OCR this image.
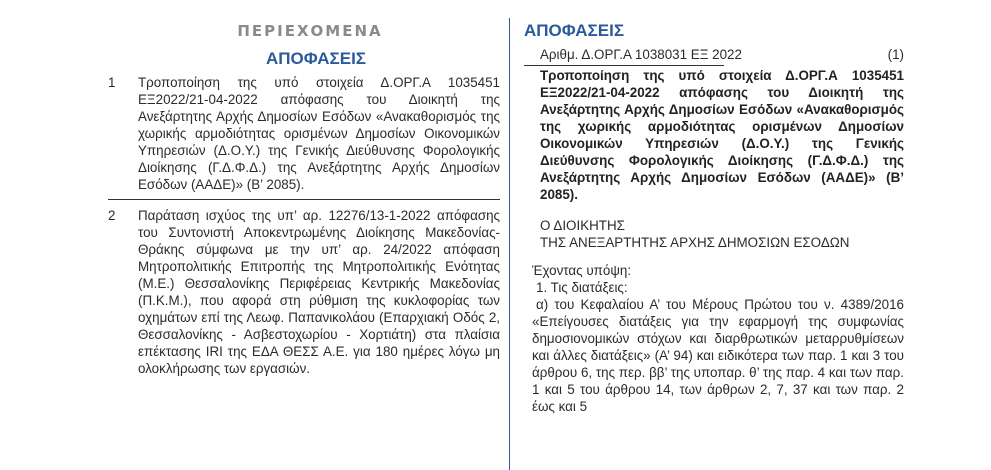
ΠΕΡΙΕΧΟΜΕΝΑ
ΑΠΟΦΑΣΕΙΣ
1 Τροποποίηση της υπό στοιχεία Δ.ΟΡΓ.Α 1035451 ΕΞ2022/21-04-2022 απόφασης του Διοικητή της Ανεξάρτητης Αρχής Δημοσίων Εσόδων «Ανακαθορισμός της χωρικής αρμοδιότητας ορισμένων Δημοσίων Οικονομικών Υπηρεσιών (Δ.Ο.Υ.) της Γενικής Διεύθυνσης Φορολογικής Διοίκησης (Γ.Δ.Φ.Δ.) της Ανεξάρτητης Αρχής Δημοσίων Εσόδων (ΑΑΔΕ)» (Β’ 2085).
2 Παράταση ισχύος της υπ’ αρ. 12276/13-1-2022 απόφασης του Συντονιστή Αποκεντρωμένης Διοίκησης Μακεδονίας-Θράκης σύμφωνα με την υπ’ αρ. 24/2022 απόφαση Μητροπολιτικής Επιτροπής της Μητροπολιτικής Ενότητας (Μ.Ε.) Θεσσαλονίκης Περιφέρειας Κεντρικής Μακεδονίας (Π.Κ.Μ.), που αφορά στη ρύθμιση της κυκλοφορίας των οχημάτων επί της Λεωφ. Παπανικολάου (Επαρχιακή Οδός 2, Θεσσαλονίκης - Ασβεστοχωρίου - Χορτιάτη) στα πλαίσια επέκτασης IRI της ΕΔΑ ΘΕΣΣ Α.Ε. για 180 ημέρες λόγω μη ολοκλήρωσης των εργασιών.
ΑΠΟΦΑΣΕΙΣ
Αριθμ. Δ.ΟΡΓ.Α 1038031 ΕΞ 2022	(1)

Τροποποίηση της υπό στοιχεία Δ.ΟΡΓ.Α 1035451 ΕΞ2022/21-04-2022 απόφασης του Διοικητή της Ανεξάρτητης Αρχής Δημοσίων Εσόδων «Ανακαθορισμός της χωρικής αρμοδιότητας ορισμένων Δημοσίων Οικονομικών Υπηρεσιών (Δ.Ο.Υ.) της Γενικής Διεύθυνσης Φορολογικής Διοίκησης (Γ.Δ.Φ.Δ.) της Ανεξάρτητης Αρχής Δημοσίων Εσόδων (ΑΑΔΕ)» (Β’ 2085).

Ο ΔΙΟΙΚΗΤΗΣ
ΤΗΣ ΑΝΕΞΑΡΤΗΤΗΣ ΑΡΧΗΣ ΔΗΜΟΣΙΩΝ ΕΣΟΔΩΝ

Έχοντας υπόψη:

1. Τις διατάξεις:

α) του Κεφαλαίου Α’ του Μέρους Πρώτου του ν. 4389/2016 «Επείγουσες διατάξεις για την εφαρμογή της συμφωνίας δημοσιονομικών στόχων και διαρθρωτικών μεταρρυθμίσεων και άλλες διατάξεις» (Α’ 94) και ειδικότερα των παρ. 1 και 3 του άρθρου 6, της περ. ββ’ της υποπαρ. θ’ της παρ. 4 και των παρ. 1 και 5 του άρθρου 14, των άρθρων 2, 7, 37 και των παρ. 2 έως και 5
